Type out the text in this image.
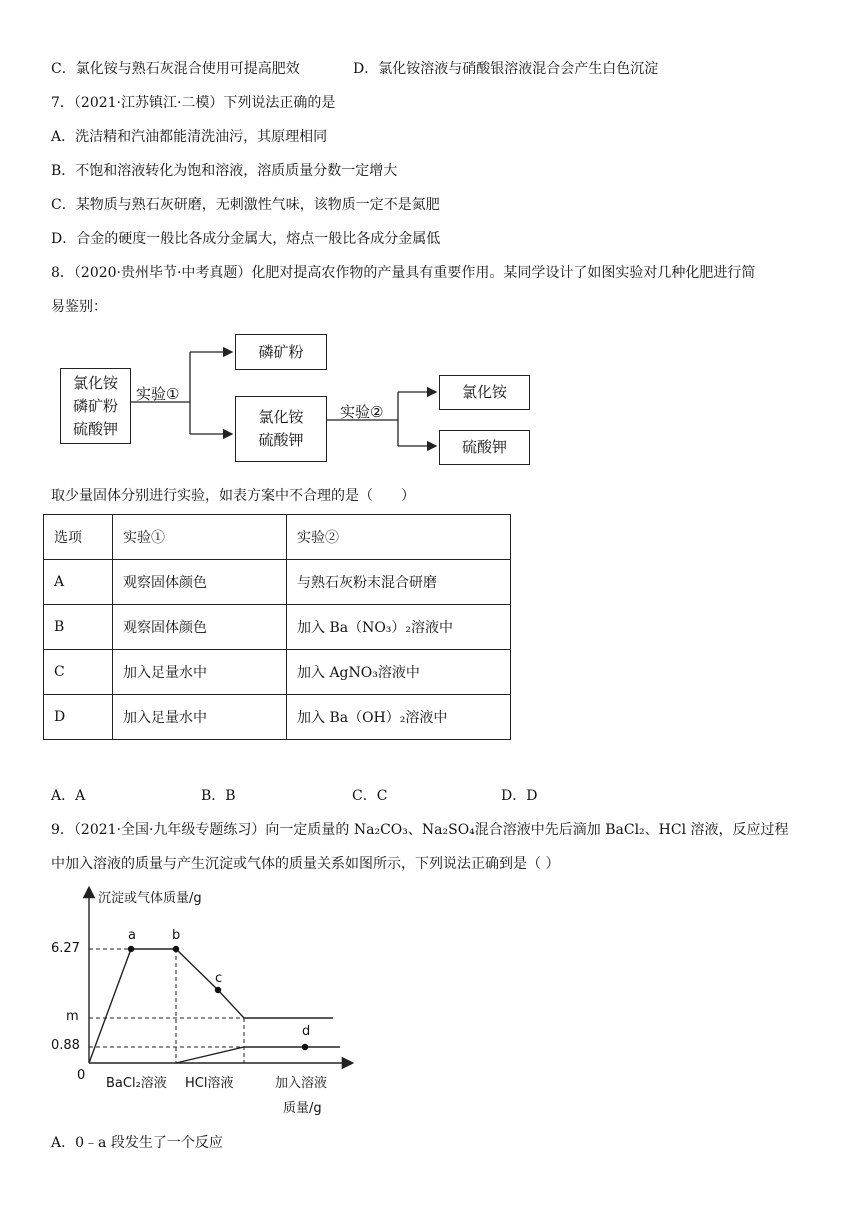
C．氯化铵与熟石灰混合使用可提高肥效	D．氯化铵溶液与硝酸银溶液混合会产生白色沉淀
7．（2021·江苏镇江·二模）下列说法正确的是
A．洗洁精和汽油都能清洗油污，其原理相同
B．不饱和溶液转化为饱和溶液，溶质质量分数一定增大
C．某物质与熟石灰研磨，无刺激性气味，该物质一定不是氮肥
D．合金的硬度一般比各成分金属大，熔点一般比各成分金属低
8．（2020·贵州毕节·中考真题）化肥对提高农作物的产量具有重要作用。某同学设计了如图实验对几种化肥进行简
易鉴别：
氯化铵
磷矿粉
硫酸钾
实验①
磷矿粉
氯化铵
硫酸钾
实验②
氯化铵
硫酸钾
取少量固体分别进行实验，如表方案中不合理的是（　　）
选项	实验①	实验②
A	观察固体颜色	与熟石灰粉末混合研磨
B	观察固体颜色	加入 Ba（NO₃）₂溶液中
C	加入足量水中	加入 AgNO₃溶液中
D	加入足量水中	加入 Ba（OH）₂溶液中
A．A	B．B	C．C	D．D
9．（2021·全国·九年级专题练习）向一定质量的 Na₂CO₃、Na₂SO₄混合溶液中先后滴加 BaCl₂、HCl 溶液，反应过程
中加入溶液的质量与产生沉淀或气体的质量关系如图所示，下列说法正确到是（ ）
沉淀或气体质量/g
6.27
m
0.88
0
a	b
c
d
BaCl₂溶液 HCl溶液	加入溶液
质量/g
A．0﹣a 段发生了一个反应
